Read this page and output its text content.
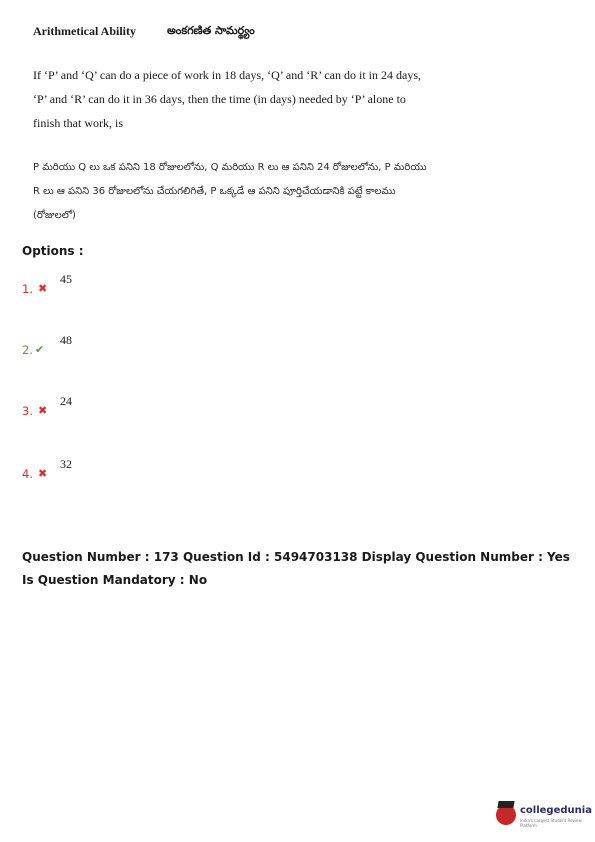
Arithmetical Ability	అంకగణిత సామర్థ్యం
If ‘P’ and ‘Q’ can do a piece of work in 18 days, ‘Q’ and ‘R’ can do it in 24 days, ‘P’ and ‘R’ can do it in 36 days, then the time (in days) needed by ‘P’ alone to finish that work, is
P మరియు Q లు ఒక పనిని 18 రోజులలోను, Q మరియు R లు ఆ పనిని 24 రోజులలోను, P మరియు R లు ఆ పనిని 36 రోజులలోను చేయగలిగితే, P ఒక్కడే ఆ పనిని పూర్తిచేయడానికి పట్టే కాలము (రోజులలో)
Options :
1. ✖
45
2. ✔
48
3. ✖
24
4. ✖
32
Question Number : 173 Question Id : 5494703138 Display Question Number : Yes Is Question Mandatory : No
collegedunia
India's Largest Student Review Platform
